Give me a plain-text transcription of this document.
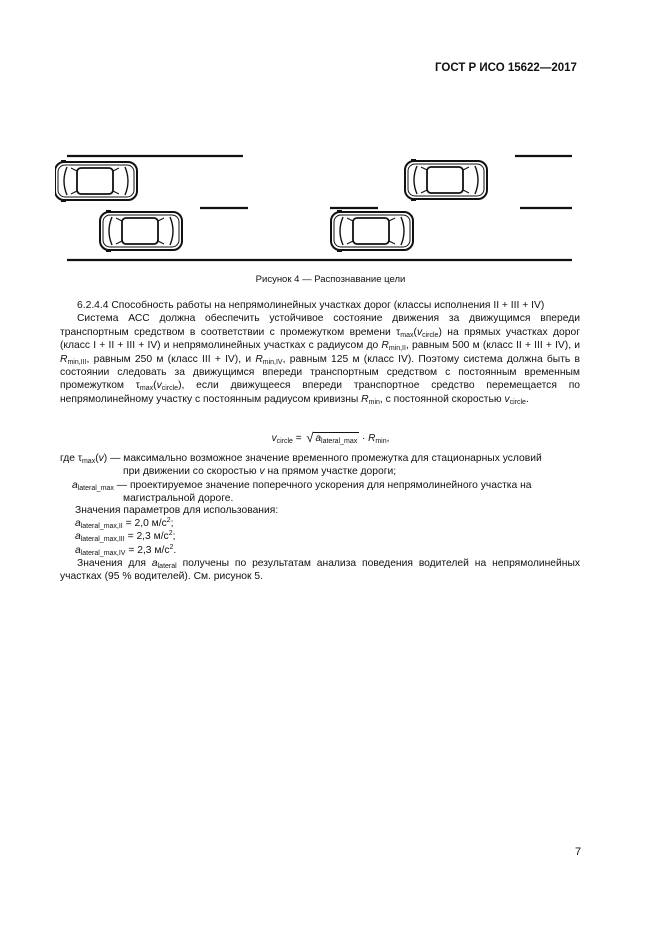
ГОСТ Р ИСО 15622—2017
Рисунок 4 — Распознавание цели

6.2.4.4 Способность работы на непрямолинейных участках дорог (классы исполнения II + III + IV)

Система АСС должна обеспечить устойчивое состояние движения за движущимся впереди транспортным средством в соответствии с промежутком времени $\tau_{max}(v_{circle})$ на прямых участках дорог (класс I + II + III + IV) и непрямолинейных участках с радиусом до $R_{min,II}$, равным 500 м (класс II + III + IV), и $R_{min,III}$, равным 250 м (класс III + IV), и $R_{min,IV}$, равным 125 м (класс IV). Поэтому система должна быть в состоянии следовать за движущимся впереди транспортным средством с постоянным временным промежутком $\tau_{max}(v_{circle})$, если движущееся впереди транспортное средство перемещается по непрямолинейному участку с постоянным радиусом кривизны $R_{min}$, с постоянной скоростью $v_{circle}$.

$v_{circle}$ = √ $a_{lateral\_max} \cdot R_{min}$,
где $\tau_{max}(v)$ — максимально возможное значение временного промежутка для стационарных условий
при движении со скоростью v на прямом участке дороги;
$a_{lateral\_max}$ — проектируемое значение поперечного ускорения для непрямолинейного участка на
магистральной дороге.
Значения параметров для использования:
$a_{lateral\_max,II} = 2,0$ $м/с^2$;
$a_{lateral\_max,III} = 2,3$ $м/с^2$;
$a_{lateral\_max,IV} = 2,3$ $м/с^2$.

Значения для $a_{lateral}$ получены по результатам анализа поведения водителей на непрямолинейных участках (95 % водителей). См. рисунок 5.

7
